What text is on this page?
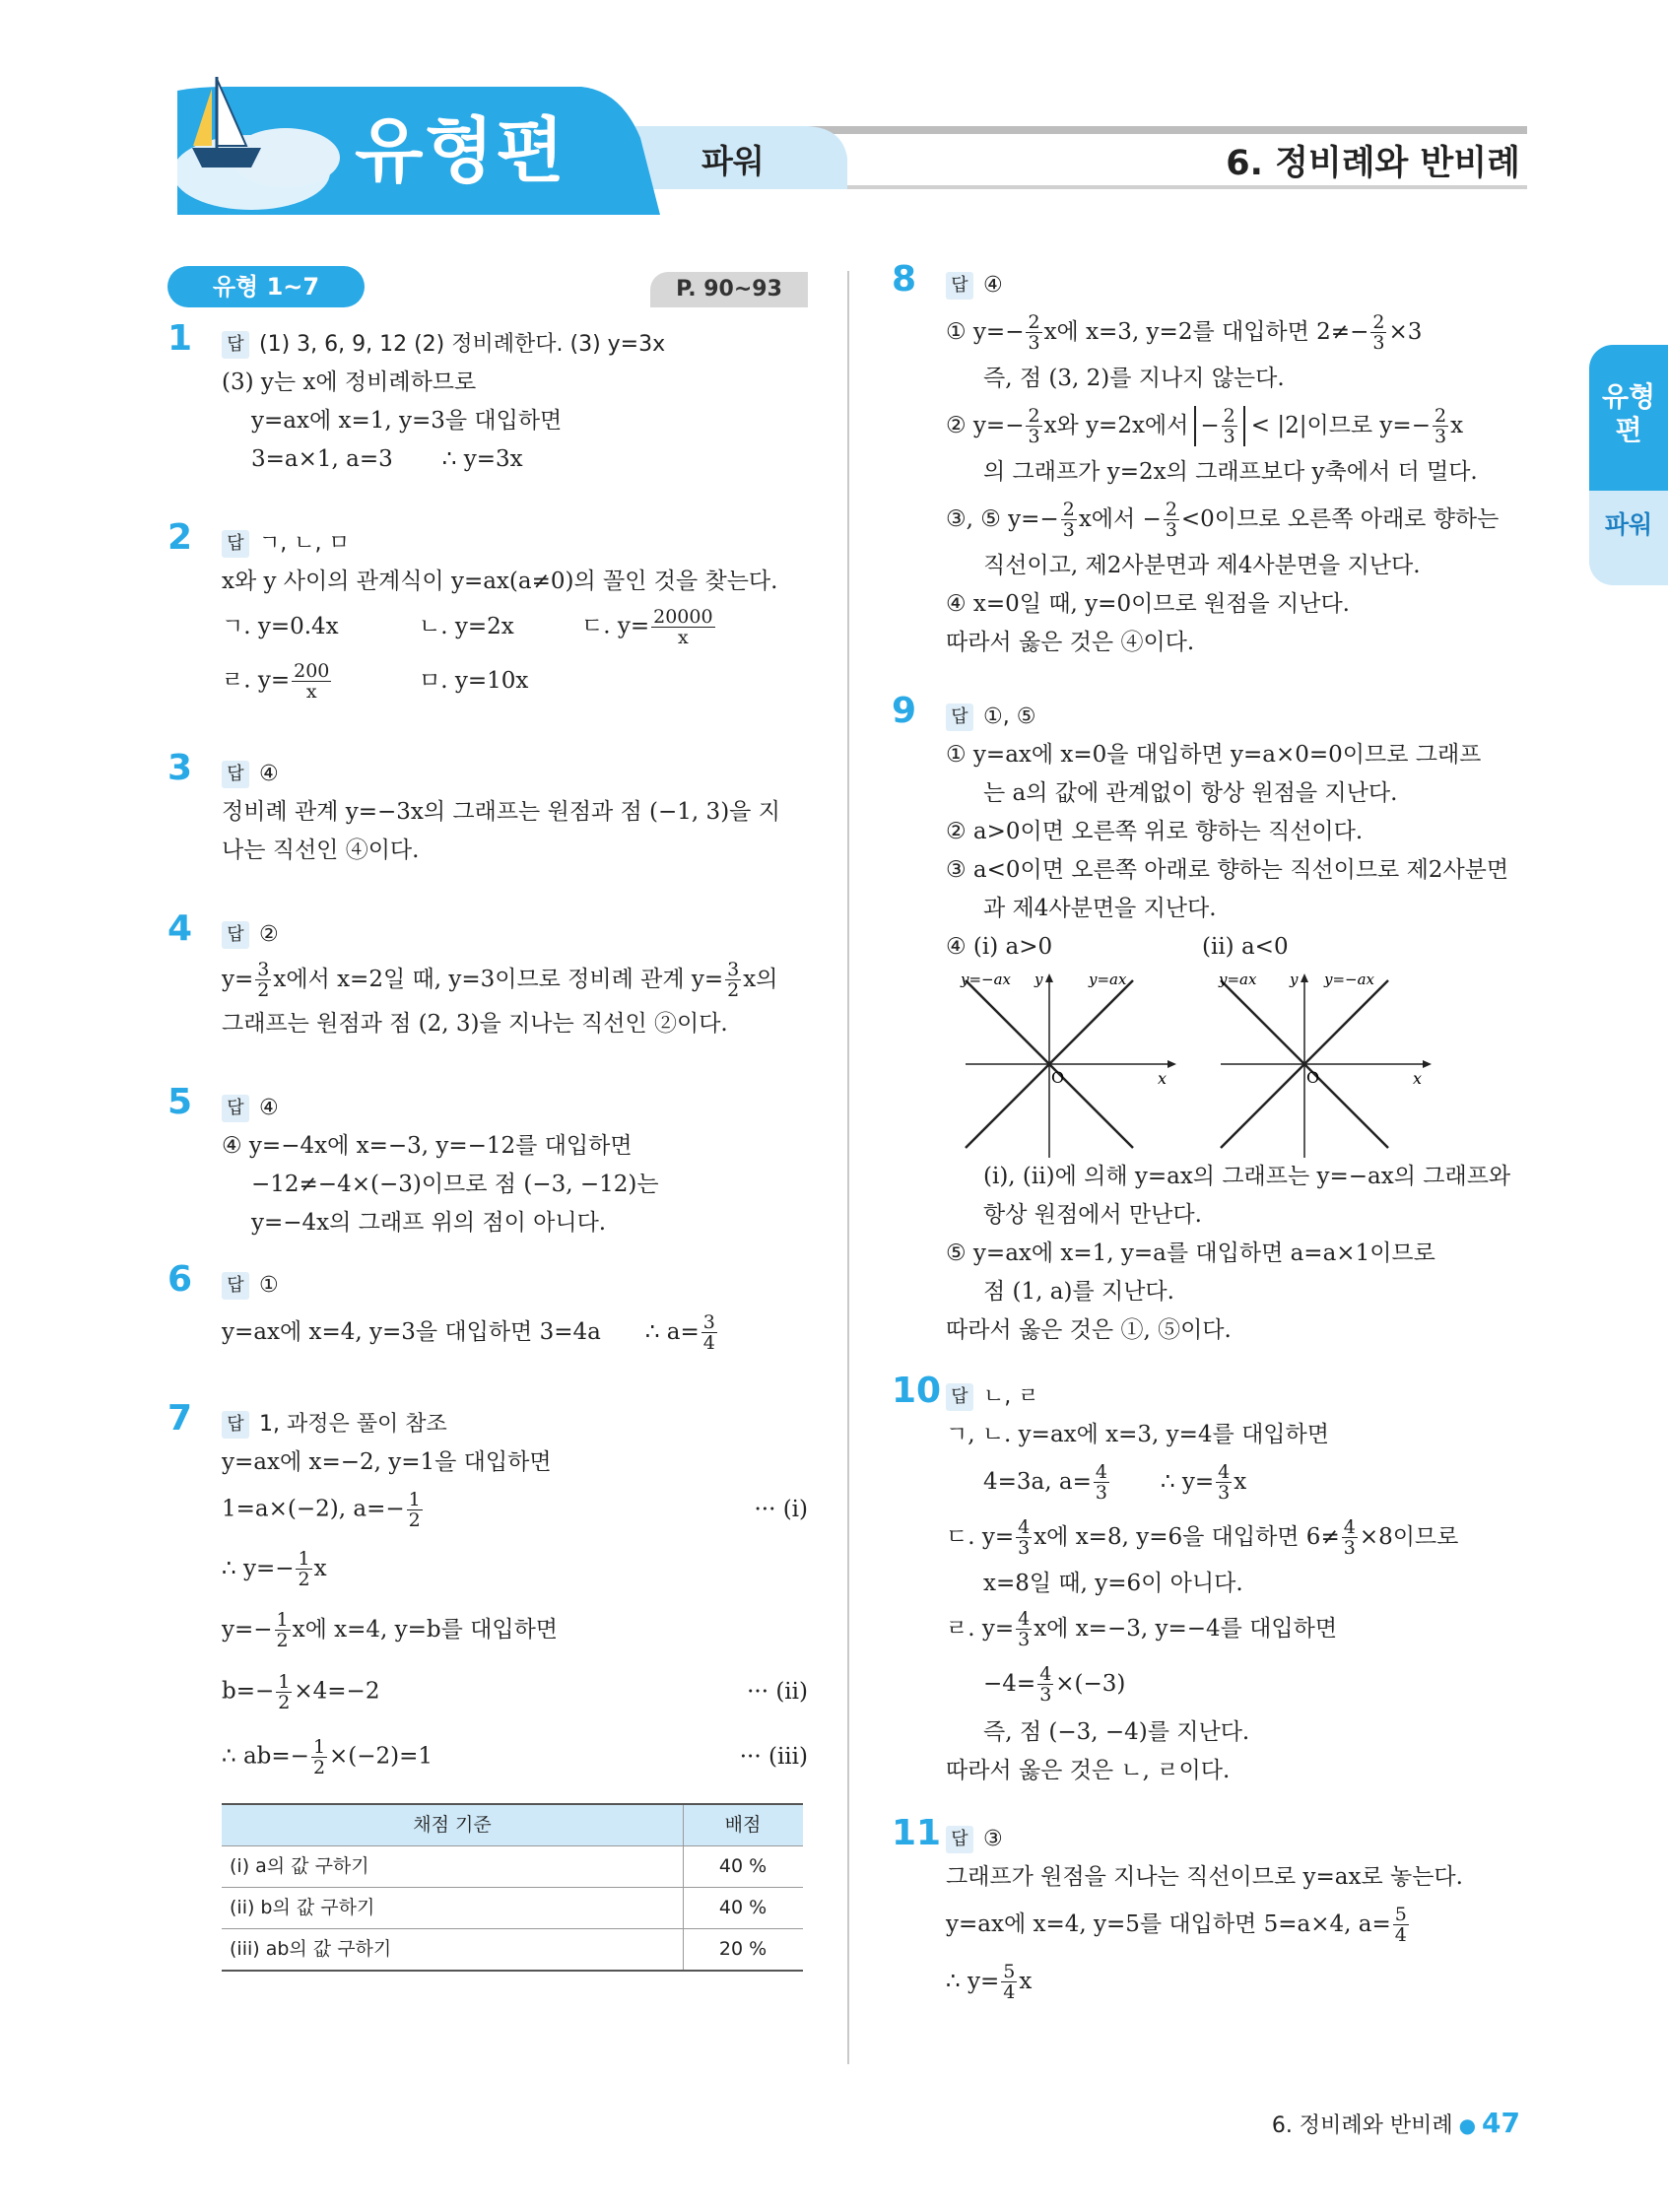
유형편	파워	6. 정비례와 반비례
유형편
파워
유형 1~7	P. 90~93
1 답 (1) 3, 6, 9, 12 (2) 정비례한다. (3) y=3x
(3) y는 x에 정비례하므로
y=ax에 x=1, y=3을 대입하면
3=a×1, a=3 ∴ y=3x
2 답 ㄱ, ㄴ, ㅁ
x와 y 사이의 관계식이 y=ax(a≠0)의 꼴인 것을 찾는다.
ㄱ. y=0.4x	ㄴ. y=2x	ㄷ. $y= \frac{20000}{x}$
ㄹ. $y= \frac{200}{x}$	ㅁ. y=10x
3 답 ④
정비례 관계 y=−3x의 그래프는 원점과 점 (−1, 3)을 지
나는 직선인 ④이다.
4 답 ②
$y= \frac{3}{2}$ x에서 x=2일 때, y=3이므로 정비례 관계 $y= \frac{3}{2}$ x의
그래프는 원점과 점 (2, 3)을 지나는 직선인 ②이다.
5 답 ④
④ y=−4x에 x=−3, y=−12를 대입하면
−12≠−4×(−3)이므로 점 (−3, −12)는
y=−4x의 그래프 위의 점이 아니다.
6 답 ①
y=ax에 x=4, y=3을 대입하면 3=4a ∴ $a= \frac{3}{4}$
7 답 1, 과정은 풀이 참조
y=ax에 x=−2, y=1을 대입하면
1=a×(−2), $a=- \frac{1}{2}$	··· (i)
∴ $y=- \frac{1}{2}$ x
$y=- \frac{1}{2}$ x에 x=4, y=b를 대입하면
$b=- \frac{1}{2} \times 4=-2$	··· (ii)
∴ $ab=- \frac{1}{2} \times(-2)=1$	··· (iii)
채점 기준	배점
(i) a의 값 구하기	40 %
(ii) b의 값 구하기	40 %
(iii) ab의 값 구하기	20 %
8 답 ④
① $y=- \frac{2}{3}$ x에 x=3, y=2를 대입하면 $2\ne- \frac{2}{3} \times 3$
즉, 점 (3, 2)를 지나지 않는다.
② $y=- \frac{2}{3}$ x와 y=2x에서 − $\frac{2}{3} < |2|$이므로 $y=- \frac{2}{3}$ x
의 그래프가 y=2x의 그래프보다 y축에서 더 멀다.
③, ⑤ $y=- \frac{2}{3}$ x에서 − $\frac{2}{3} <0$이므로 오른쪽 아래로 향하는
직선이고, 제2사분면과 제4사분면을 지난다.
④ x=0일 때, y=0이므로 원점을 지난다.
따라서 옳은 것은 ④이다.
9 답 ①, ⑤
① y=ax에 x=0을 대입하면 y=a×0=0이므로 그래프
는 a의 값에 관계없이 항상 원점을 지난다.
② a>0이면 오른쪽 위로 향하는 직선이다.
③ a<0이면 오른쪽 아래로 향하는 직선이므로 제2사분면
과 제4사분면을 지난다.
④ (i) a>0	(ii) a<0
y=−ax y	y=ax
O	x
y=ax y y=−ax
O	x
(i), (ii)에 의해 y=ax의 그래프는 y=−ax의 그래프와
항상 원점에서 만난다.
⑤ y=ax에 x=1, y=a를 대입하면 a=a×1이므로
점 (1, a)를 지난다.
따라서 옳은 것은 ①, ⑤이다.
10 답 ㄴ, ㄹ
ㄱ, ㄴ. y=ax에 x=3, y=4를 대입하면
4=3a, $a= \frac{4}{3}$ ∴ $y= \frac{4}{3}$ x
ㄷ. $y= \frac{4}{3}$ x에 x=8, y=6을 대입하면 $6\ne \frac{4}{3} \times 8$이므로
x=8일 때, y=6이 아니다.
ㄹ. $y= \frac{4}{3}$ x에 x=−3, y=−4를 대입하면
$-4= \frac{4}{3} \times(-3)$
즉, 점 (−3, −4)를 지난다.
따라서 옳은 것은 ㄴ, ㄹ이다.
11 답 ③
그래프가 원점을 지나는 직선이므로 y=ax로 놓는다.
y=ax에 x=4, y=5를 대입하면 5=a×4, $a= \frac{5}{4}$
∴ $y= \frac{5}{4}$ x
6. 정비례와 반비례 ● 47
